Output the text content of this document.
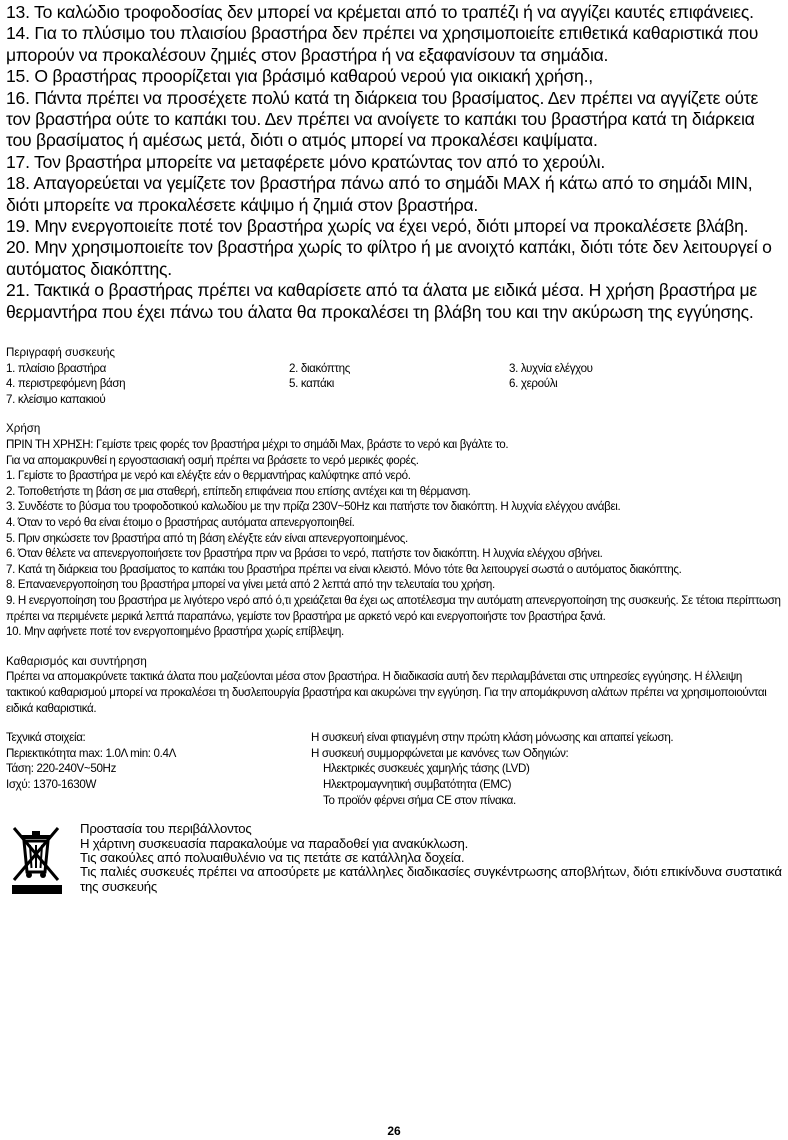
13. Το καλώδιο τροφοδοσίας δεν μπορεί να κρέμεται από το τραπέζι ή να αγγίζει καυτές επιφάνειες.

14. Για το πλύσιμο του πλαισίου βραστήρα δεν πρέπει να χρησιμοποιείτε επιθετικά καθαριστικά που μπορούν να προκαλέσουν ζημιές στον βραστήρα ή να εξαφανίσουν τα σημάδια.

15. Ο βραστήρας προορίζεται για βράσιμό καθαρού νερού για οικιακή χρήση.,

16. Πάντα πρέπει να προσέχετε πολύ κατά τη διάρκεια του βρασίματος. Δεν πρέπει να αγγίζετε ούτε τον βραστήρα ούτε το καπάκι του. Δεν πρέπει να ανοίγετε το καπάκι του βραστήρα κατά τη διάρκεια του βρασίματος ή αμέσως μετά, διότι ο ατμός μπορεί να προκαλέσει καψίματα.

17. Τον βραστήρα μπορείτε να μεταφέρετε μόνο κρατώντας τον από το χερούλι.

18. Απαγορεύεται να γεμίζετε τον βραστήρα πάνω από το σημάδι MAX ή κάτω από το σημάδι MIN, διότι μπορείτε να προκαλέσετε κάψιμο ή ζημιά στον βραστήρα.

19. Μην ενεργοποιείτε ποτέ τον βραστήρα χωρίς να έχει νερό, διότι μπορεί να προκαλέσετε βλάβη.

20. Μην χρησιμοποιείτε τον βραστήρα χωρίς το φίλτρο ή με ανοιχτό καπάκι, διότι τότε δεν λειτουργεί ο αυτόματος διακόπτης.

21. Τακτικά ο βραστήρας πρέπει να καθαρίσετε από τα άλατα με ειδικά μέσα. Η χρήση βραστήρα με θερμαντήρα που έχει πάνω του άλατα θα προκαλέσει τη βλάβη του και την ακύρωση της εγγύησης.

Περιγραφή συσκευής

1. πλαίσιο βραστήρα	2. διακόπτης	3. λυχνία ελέγχου
4. περιστρεφόμενη βάση	5. καπάκι	6. χερούλι
7. κλείσιμο καπακιού

Χρήση

ΠΡΙΝ ΤΗ ΧΡΗΣΗ: Γεμίστε τρεις φορές τον βραστήρα μέχρι το σημάδι Max, βράστε το νερό και βγάλτε το.

Για να απομακρυνθεί η εργοστασιακή οσμή πρέπει να βράσετε το νερό μερικές φορές.

1. Γεμίστε το βραστήρα με νερό και ελέγξτε εάν ο θερμαντήρας καλύφτηκε από νερό.

2. Τοποθετήστε τη βάση σε μια σταθερή, επίπεδη επιφάνεια που επίσης αντέχει και τη θέρμανση.

3. Συνδέστε το βύσμα του τροφοδοτικού καλωδίου με την πρίζα 230V~50Hz και πατήστε τον διακόπτη. Η λυχνία ελέγχου ανάβει.

4. Όταν το νερό θα είναι έτοιμο ο βραστήρας αυτόματα απενεργοποιηθεί.

5. Πριν σηκώσετε τον βραστήρα από τη βάση ελέγξτε εάν είναι απενεργοποιημένος.

6. Όταν θέλετε να απενεργοποιήσετε τον βραστήρα πριν να βράσει το νερό, πατήστε τον διακόπτη. Η λυχνία ελέγχου σβήνει.

7. Κατά τη διάρκεια του βρασίματος το καπάκι του βραστήρα πρέπει να είναι κλειστό. Μόνο τότε θα λειτουργεί σωστά ο αυτόματος διακόπτης.

8. Επαναενεργοποίηση του βραστήρα μπορεί να γίνει μετά από 2 λεπτά από την τελευταία του χρήση.

9. Η ενεργοποίηση του βραστήρα με λιγότερο νερό από ό,τι χρειάζεται θα έχει ως αποτέλεσμα την αυτόματη απενεργοποίηση της συσκευής. Σε τέτοια περίπτωση πρέπει να περιμένετε μερικά λεπτά παραπάνω, γεμίστε τον βραστήρα με αρκετό νερό και ενεργοποιήστε τον βραστήρα ξανά.

10. Μην αφήνετε ποτέ τον ενεργοποιημένο βραστήρα χωρίς επίβλεψη.

Καθαρισμός και συντήρηση

Πρέπει να απομακρύνετε τακτικά άλατα που μαζεύονται μέσα στον βραστήρα. Η διαδικασία αυτή δεν περιλαμβάνεται στις υπηρεσίες εγγύησης. Η έλλειψη τακτικού καθαρισμού μπορεί να προκαλέσει τη δυσλειτουργία βραστήρα και ακυρώνει την εγγύηση. Για την απομάκρυνση αλάτων πρέπει να χρησιμοποιούνται ειδικά καθαριστικά.

Τεχνικά στοιχεία:
Περιεκτικότητα max: 1.0Λ min: 0.4Λ
Τάση: 220-240V~50Hz
Ισχύ: 1370-1630W
Η συσκευή είναι φτιαγμένη στην πρώτη κλάση μόνωσης και απαιτεί γείωση.
Η συσκευή συμμορφώνεται με κανόνες των Οδηγιών:
Ηλεκτρικές συσκευές χαμηλής τάσης (LVD)
Ηλεκτρομαγνητική συμβατότητα (EMC)
Το προϊόν φέρνει σήμα CE στον πίνακα.
Προστασία του περιβάλλοντος
Η χάρτινη συσκευασία παρακαλούμε να παραδοθεί για ανακύκλωση.
Τις σακούλες από πολυαιθυλένιο να τις πετάτε σε κατάλληλα δοχεία.
Τις παλιές συσκευές πρέπει να αποσύρετε με κατάλληλες διαδικασίες συγκέντρωσης αποβλήτων, διότι επικίνδυνα συστατικά της συσκευής
26
